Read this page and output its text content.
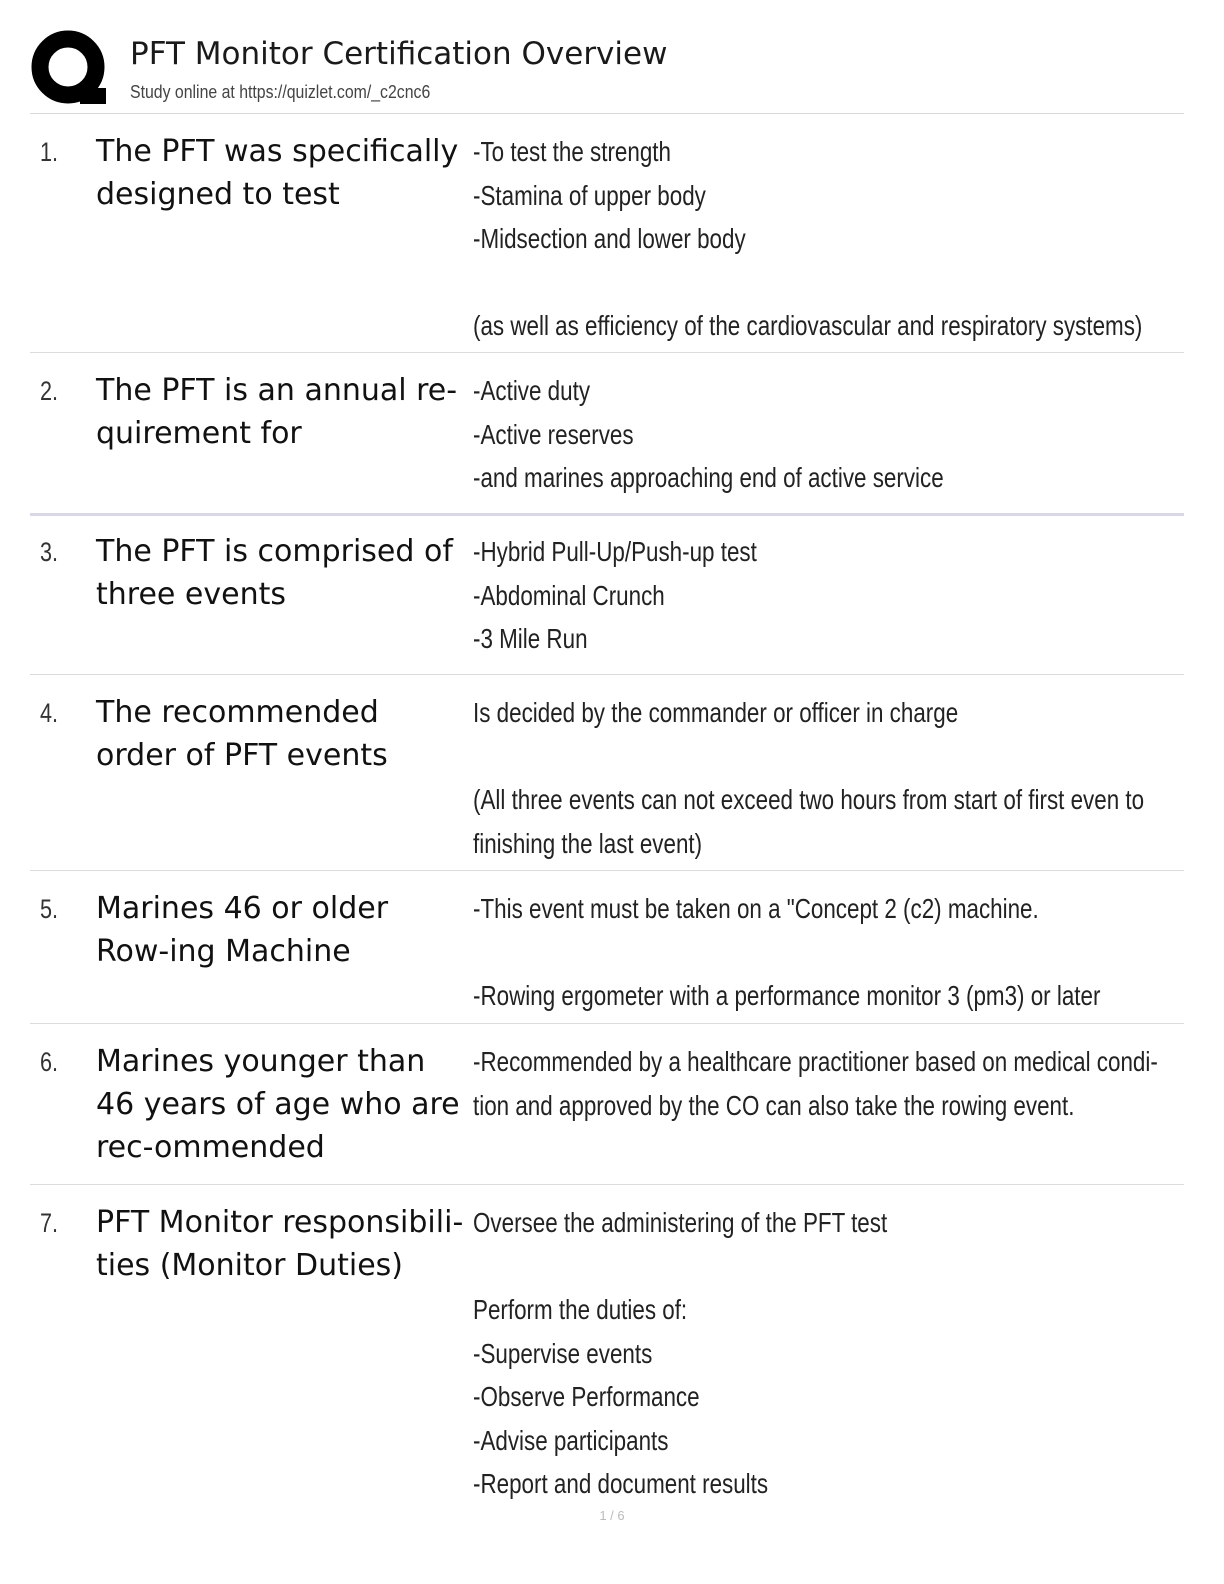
PFT Monitor Certification Overview
Study online at https://quizlet.com/_c2cnc6
1. The PFT was specifically designed to test
-To test the strength
-Stamina of upper body
-Midsection and lower body
(as well as efficiency of the cardiovascular and respiratory systems)
2. The PFT is an annual re-quirement for
-Active duty
-Active reserves
-and marines approaching end of active service
3. The PFT is comprised of three events
-Hybrid Pull-Up/Push-up test
-Abdominal Crunch
-3 Mile Run
4. The recommended order of PFT events
Is decided by the commander or officer in charge
(All three events can not exceed two hours from start of first even to
finishing the last event)
5. Marines 46 or older Row-ing Machine
-This event must be taken on a "Concept 2 (c2) machine.
-Rowing ergometer with a performance monitor 3 (pm3) or later
6. Marines younger than 46 years of age who are rec-ommended
-Recommended by a healthcare practitioner based on medical condi-
tion and approved by the CO can also take the rowing event.
7. PFT Monitor responsibili-ties (Monitor Duties)
Oversee the administering of the PFT test
Perform the duties of:
-Supervise events
-Observe Performance
-Advise participants
-Report and document results
1 / 6
